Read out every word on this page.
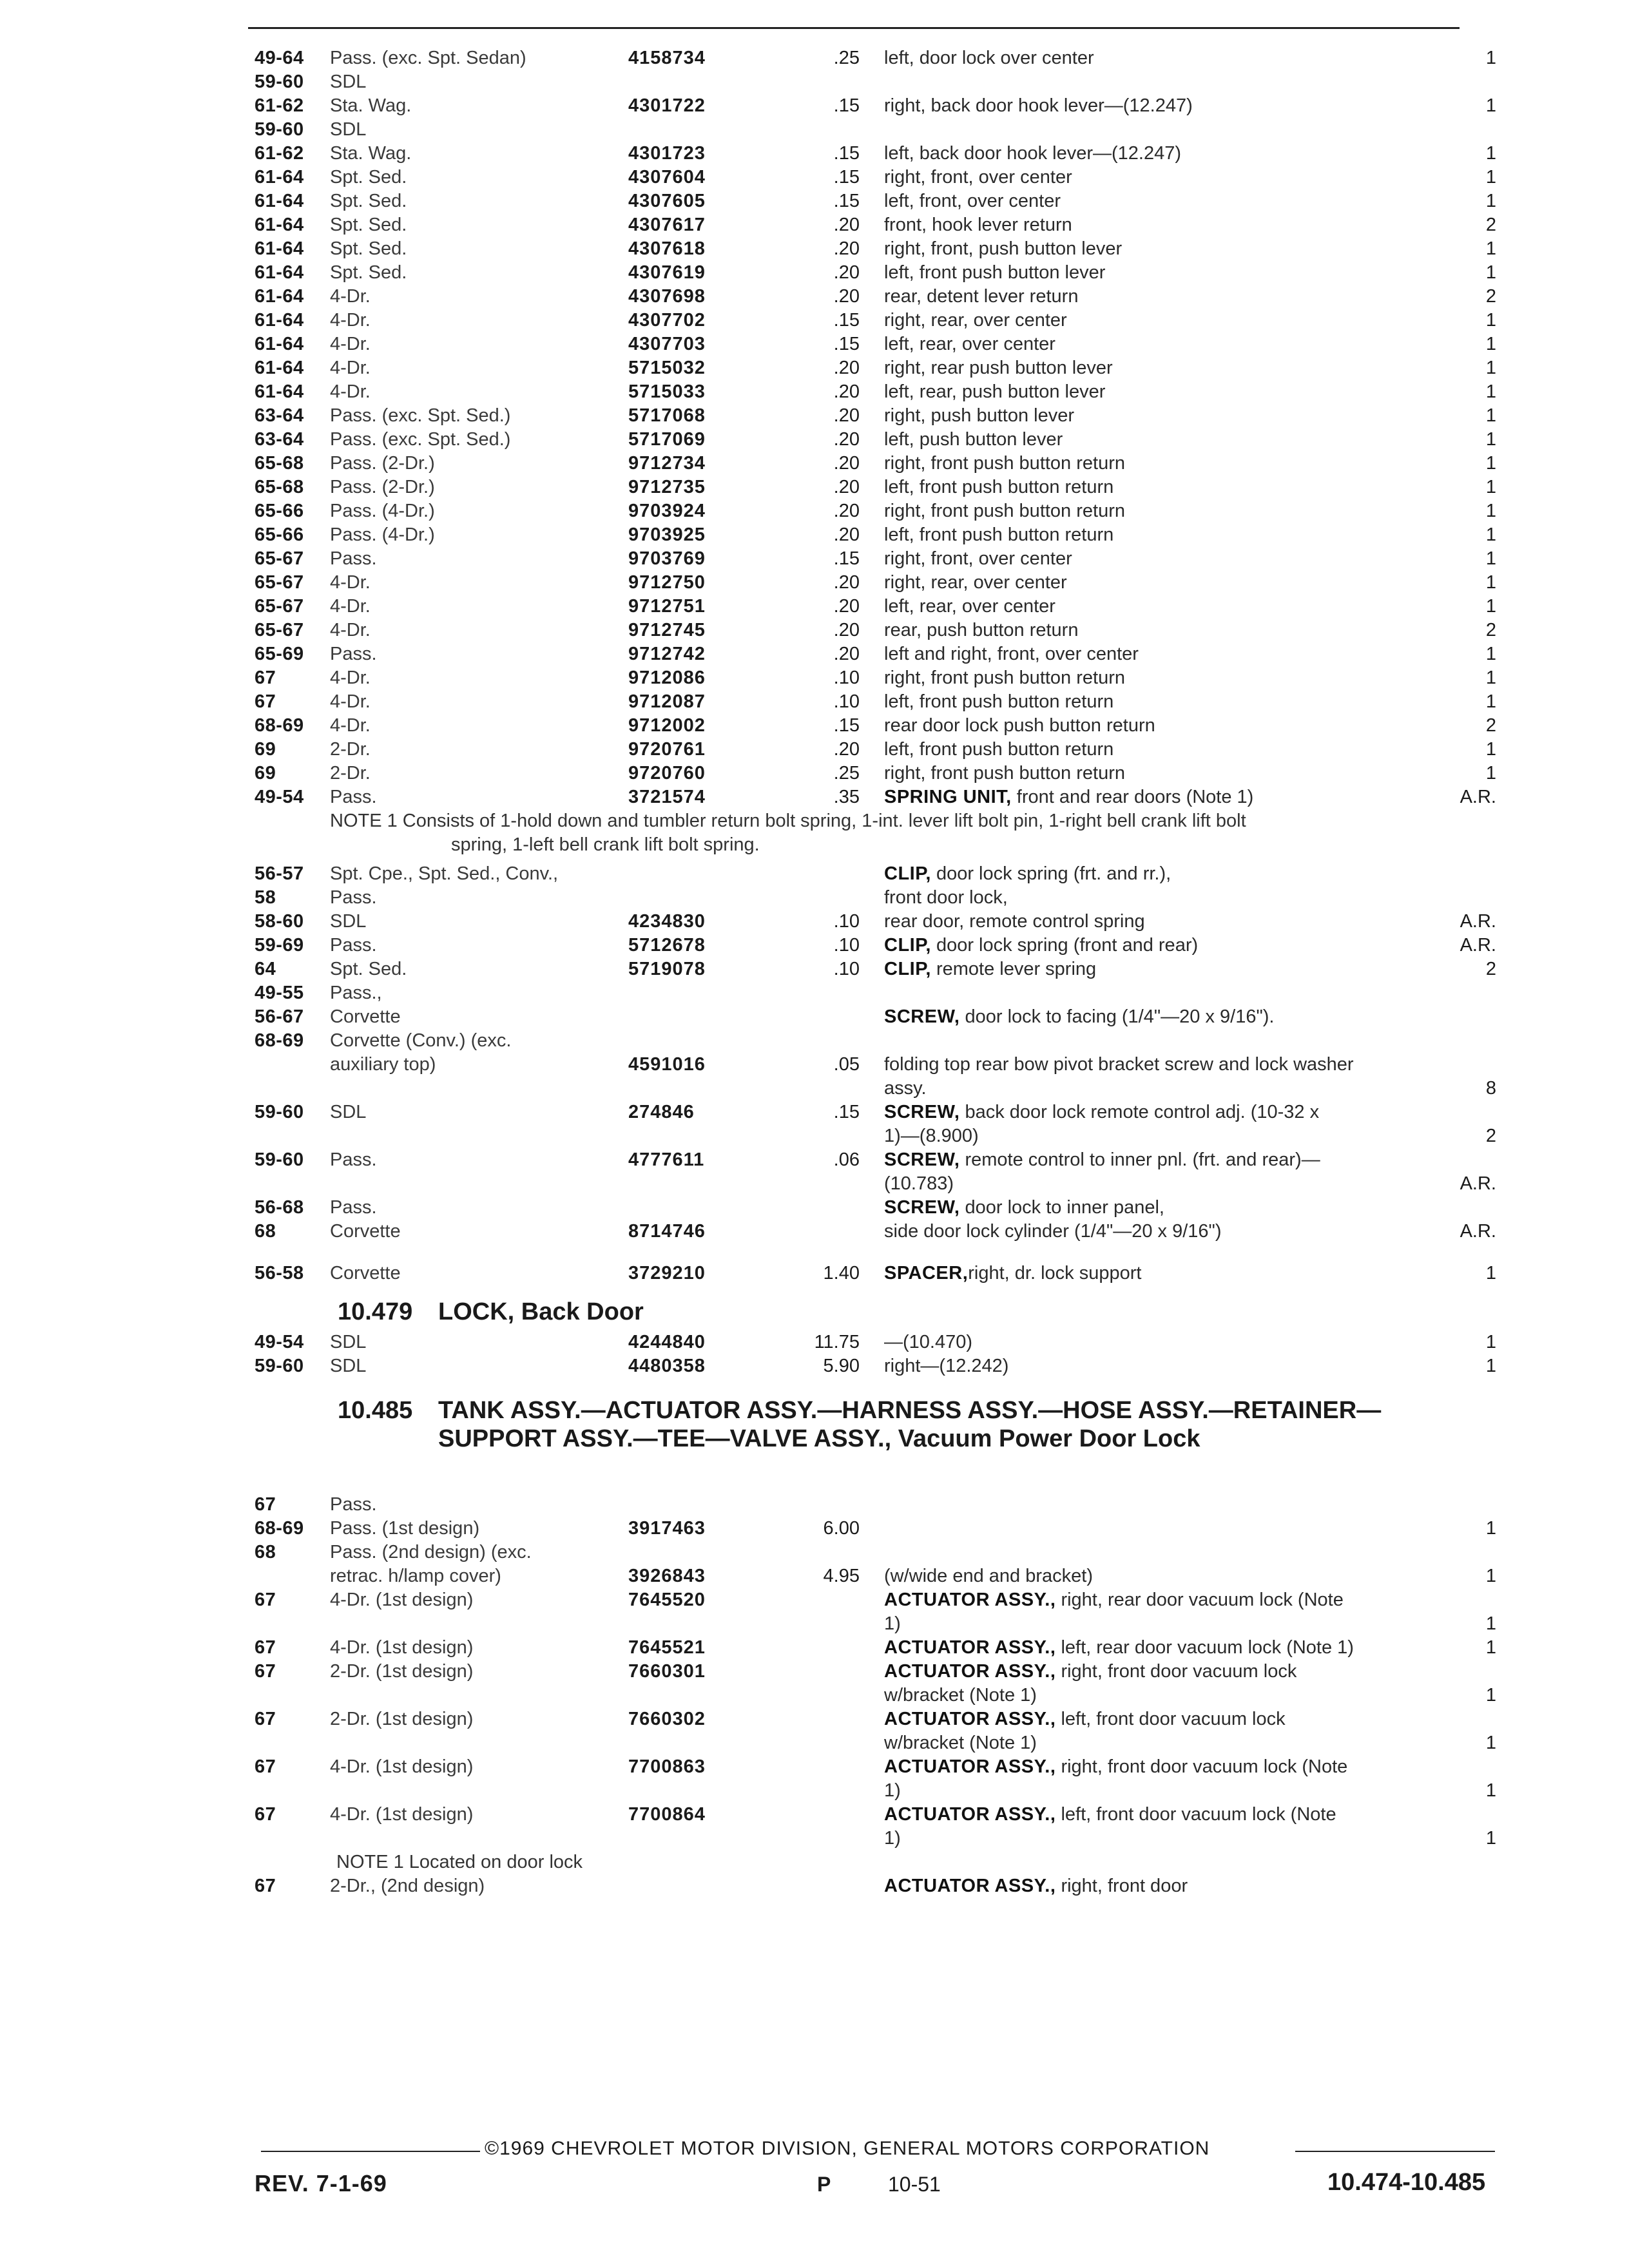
49-64 Pass. (exc. Spt. Sedan)	4158734	.25 left, door lock over center	1
59-60 SDL
61-62 Sta. Wag.	4301722	.15 right, back door hook lever—(12.247)	1
59-60 SDL
61-62 Sta. Wag.	4301723	.15 left, back door hook lever—(12.247)	1
61-64 Spt. Sed.	4307604	.15 right, front, over center	1
61-64 Spt. Sed.	4307605	.15 left, front, over center	1
61-64 Spt. Sed.	4307617	.20 front, hook lever return	2
61-64 Spt. Sed.	4307618	.20 right, front, push button lever	1
61-64 Spt. Sed.	4307619	.20 left, front push button lever	1
61-64 4-Dr.	4307698	.20 rear, detent lever return	2
61-64 4-Dr.	4307702	.15 right, rear, over center	1
61-64 4-Dr.	4307703	.15 left, rear, over center	1
61-64 4-Dr.	5715032	.20 right, rear push button lever	1
61-64 4-Dr.	5715033	.20 left, rear, push button lever	1
63-64 Pass. (exc. Spt. Sed.)	5717068	.20 right, push button lever	1
63-64 Pass. (exc. Spt. Sed.)	5717069	.20 left, push button lever	1
65-68 Pass. (2-Dr.)	9712734	.20 right, front push button return	1
65-68 Pass. (2-Dr.)	9712735	.20 left, front push button return	1
65-66 Pass. (4-Dr.)	9703924	.20 right, front push button return	1
65-66 Pass. (4-Dr.)	9703925	.20 left, front push button return	1
65-67 Pass.	9703769	.15 right, front, over center	1
65-67 4-Dr.	9712750	.20 right, rear, over center	1
65-67 4-Dr.	9712751	.20 left, rear, over center	1
65-67 4-Dr.	9712745	.20 rear, push button return	2
65-69 Pass.	9712742	.20 left and right, front, over center	1
67	4-Dr.	9712086	.10 right, front push button return	1
67	4-Dr.	9712087	.10 left, front push button return	1
68-69 4-Dr.	9712002	.15 rear door lock push button return	2
69	2-Dr.	9720761	.20 left, front push button return	1
69	2-Dr.	9720760	.25 right, front push button return	1
49-54 Pass.	3721574	.35 SPRING UNIT, front and rear doors (Note 1)	A.R.
NOTE 1 Consists of 1-hold down and tumbler return bolt spring, 1-int. lever lift bolt pin, 1-right bell crank lift bolt
spring, 1-left bell crank lift bolt spring.
56-57 Spt. Cpe., Spt. Sed., Conv.,	CLIP, door lock spring (frt. and rr.),
58	Pass.	front door lock,
58-60 SDL	4234830	.10 rear door, remote control spring	A.R.
59-69 Pass.	5712678	.10 CLIP, door lock spring (front and rear)	A.R.
64	Spt. Sed.	5719078	.10 CLIP, remote lever spring	2
49-55 Pass.,
56-67 Corvette	SCREW, door lock to facing (1/4"—20 x 9/16").
68-69 Corvette (Conv.) (exc.
auxiliary top)	4591016	.05 folding top rear bow pivot bracket screw and lock washer
assy.	8
59-60 SDL	274846	.15 SCREW, back door lock remote control adj. (10-32 x
1)—(8.900)	2
59-60 Pass.	4777611	.06 SCREW, remote control to inner pnl. (frt. and rear)—
(10.783)	A.R.
56-68 Pass.	SCREW, door lock to inner panel,
68	Corvette	8714746	side door lock cylinder (1/4"—20 x 9/16")	A.R.
56-58 Corvette	3729210	1.40 SPACER,right, dr. lock support	1
10.479 LOCK, Back Door
49-54 SDL	4244840	11.75 —(10.470)	1
59-60 SDL	4480358	5.90 right—(12.242)	1
10.485 TANK ASSY.—ACTUATOR ASSY.—HARNESS ASSY.—HOSE ASSY.—RETAINER—SUPPORT ASSY.—TEE—VALVE ASSY., Vacuum Power Door Lock
67	Pass.
68-69 Pass. (1st design)	3917463	6.00	1
68	Pass. (2nd design) (exc.
retrac. h/lamp cover)	3926843	4.95 (w/wide end and bracket)	1
67	4-Dr. (1st design)	7645520	ACTUATOR ASSY., right, rear door vacuum lock (Note
1)	1
67	4-Dr. (1st design)	7645521	ACTUATOR ASSY., left, rear door vacuum lock (Note 1)	1
67	2-Dr. (1st design)	7660301	ACTUATOR ASSY., right, front door vacuum lock
w/bracket (Note 1)	1
67	2-Dr. (1st design)	7660302	ACTUATOR ASSY., left, front door vacuum lock
w/bracket (Note 1)	1
67	4-Dr. (1st design)	7700863	ACTUATOR ASSY., right, front door vacuum lock (Note
1)	1
67	4-Dr. (1st design)	7700864	ACTUATOR ASSY., left, front door vacuum lock (Note
1)	1
NOTE 1 Located on door lock
67	2-Dr., (2nd design)	ACTUATOR ASSY., right, front door
©1969 CHEVROLET MOTOR DIVISION, GENERAL MOTORS CORPORATION
REV. 7-1-69	P	10-51	10.474-10.485
